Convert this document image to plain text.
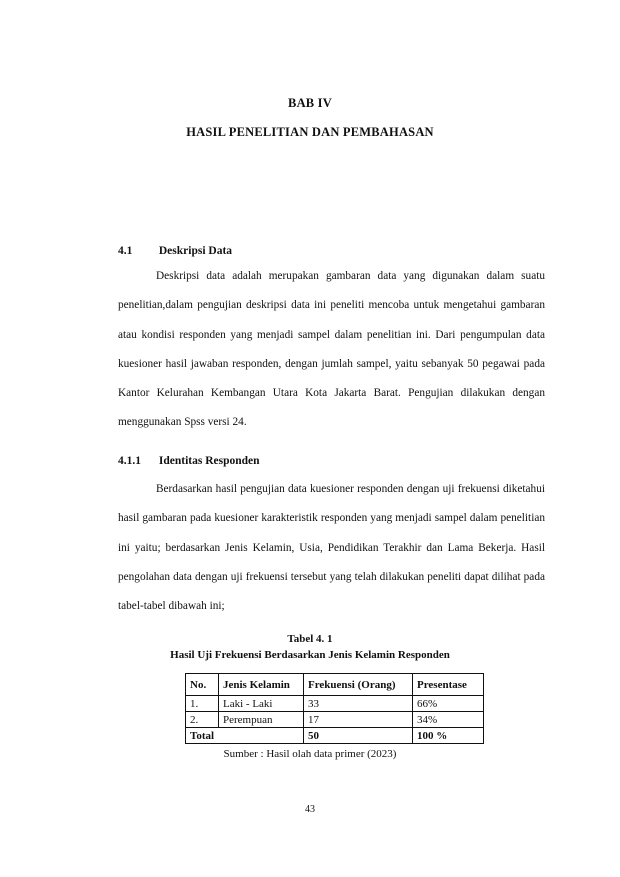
BAB IV
HASIL PENELITIAN DAN PEMBAHASAN
4.1 Deskripsi Data

Deskripsi data adalah merupakan gambaran data yang digunakan dalam suatu penelitian,dalam pengujian deskripsi data ini peneliti mencoba untuk mengetahui gambaran atau kondisi responden yang menjadi sampel dalam penelitian ini. Dari pengumpulan data kuesioner hasil jawaban responden, dengan jumlah sampel, yaitu sebanyak 50 pegawai pada Kantor Kelurahan Kembangan Utara Kota Jakarta Barat. Pengujian dilakukan dengan menggunakan Spss versi 24.

4.1.1 Identitas Responden

Berdasarkan hasil pengujian data kuesioner responden dengan uji frekuensi diketahui hasil gambaran pada kuesioner karakteristik responden yang menjadi sampel dalam penelitian ini yaitu; berdasarkan Jenis Kelamin, Usia, Pendidikan Terakhir dan Lama Bekerja. Hasil pengolahan data dengan uji frekuensi tersebut yang telah dilakukan peneliti dapat dilihat pada tabel-tabel dibawah ini;

Tabel 4. 1
Hasil Uji Frekuensi Berdasarkan Jenis Kelamin Responden
No.	Jenis Kelamin	Frekuensi (Orang)	Presentase
1.	Laki - Laki	33	66%
2.	Perempuan	17	34%
Total		50	100 %
Sumber : Hasil olah data primer (2023)
43
